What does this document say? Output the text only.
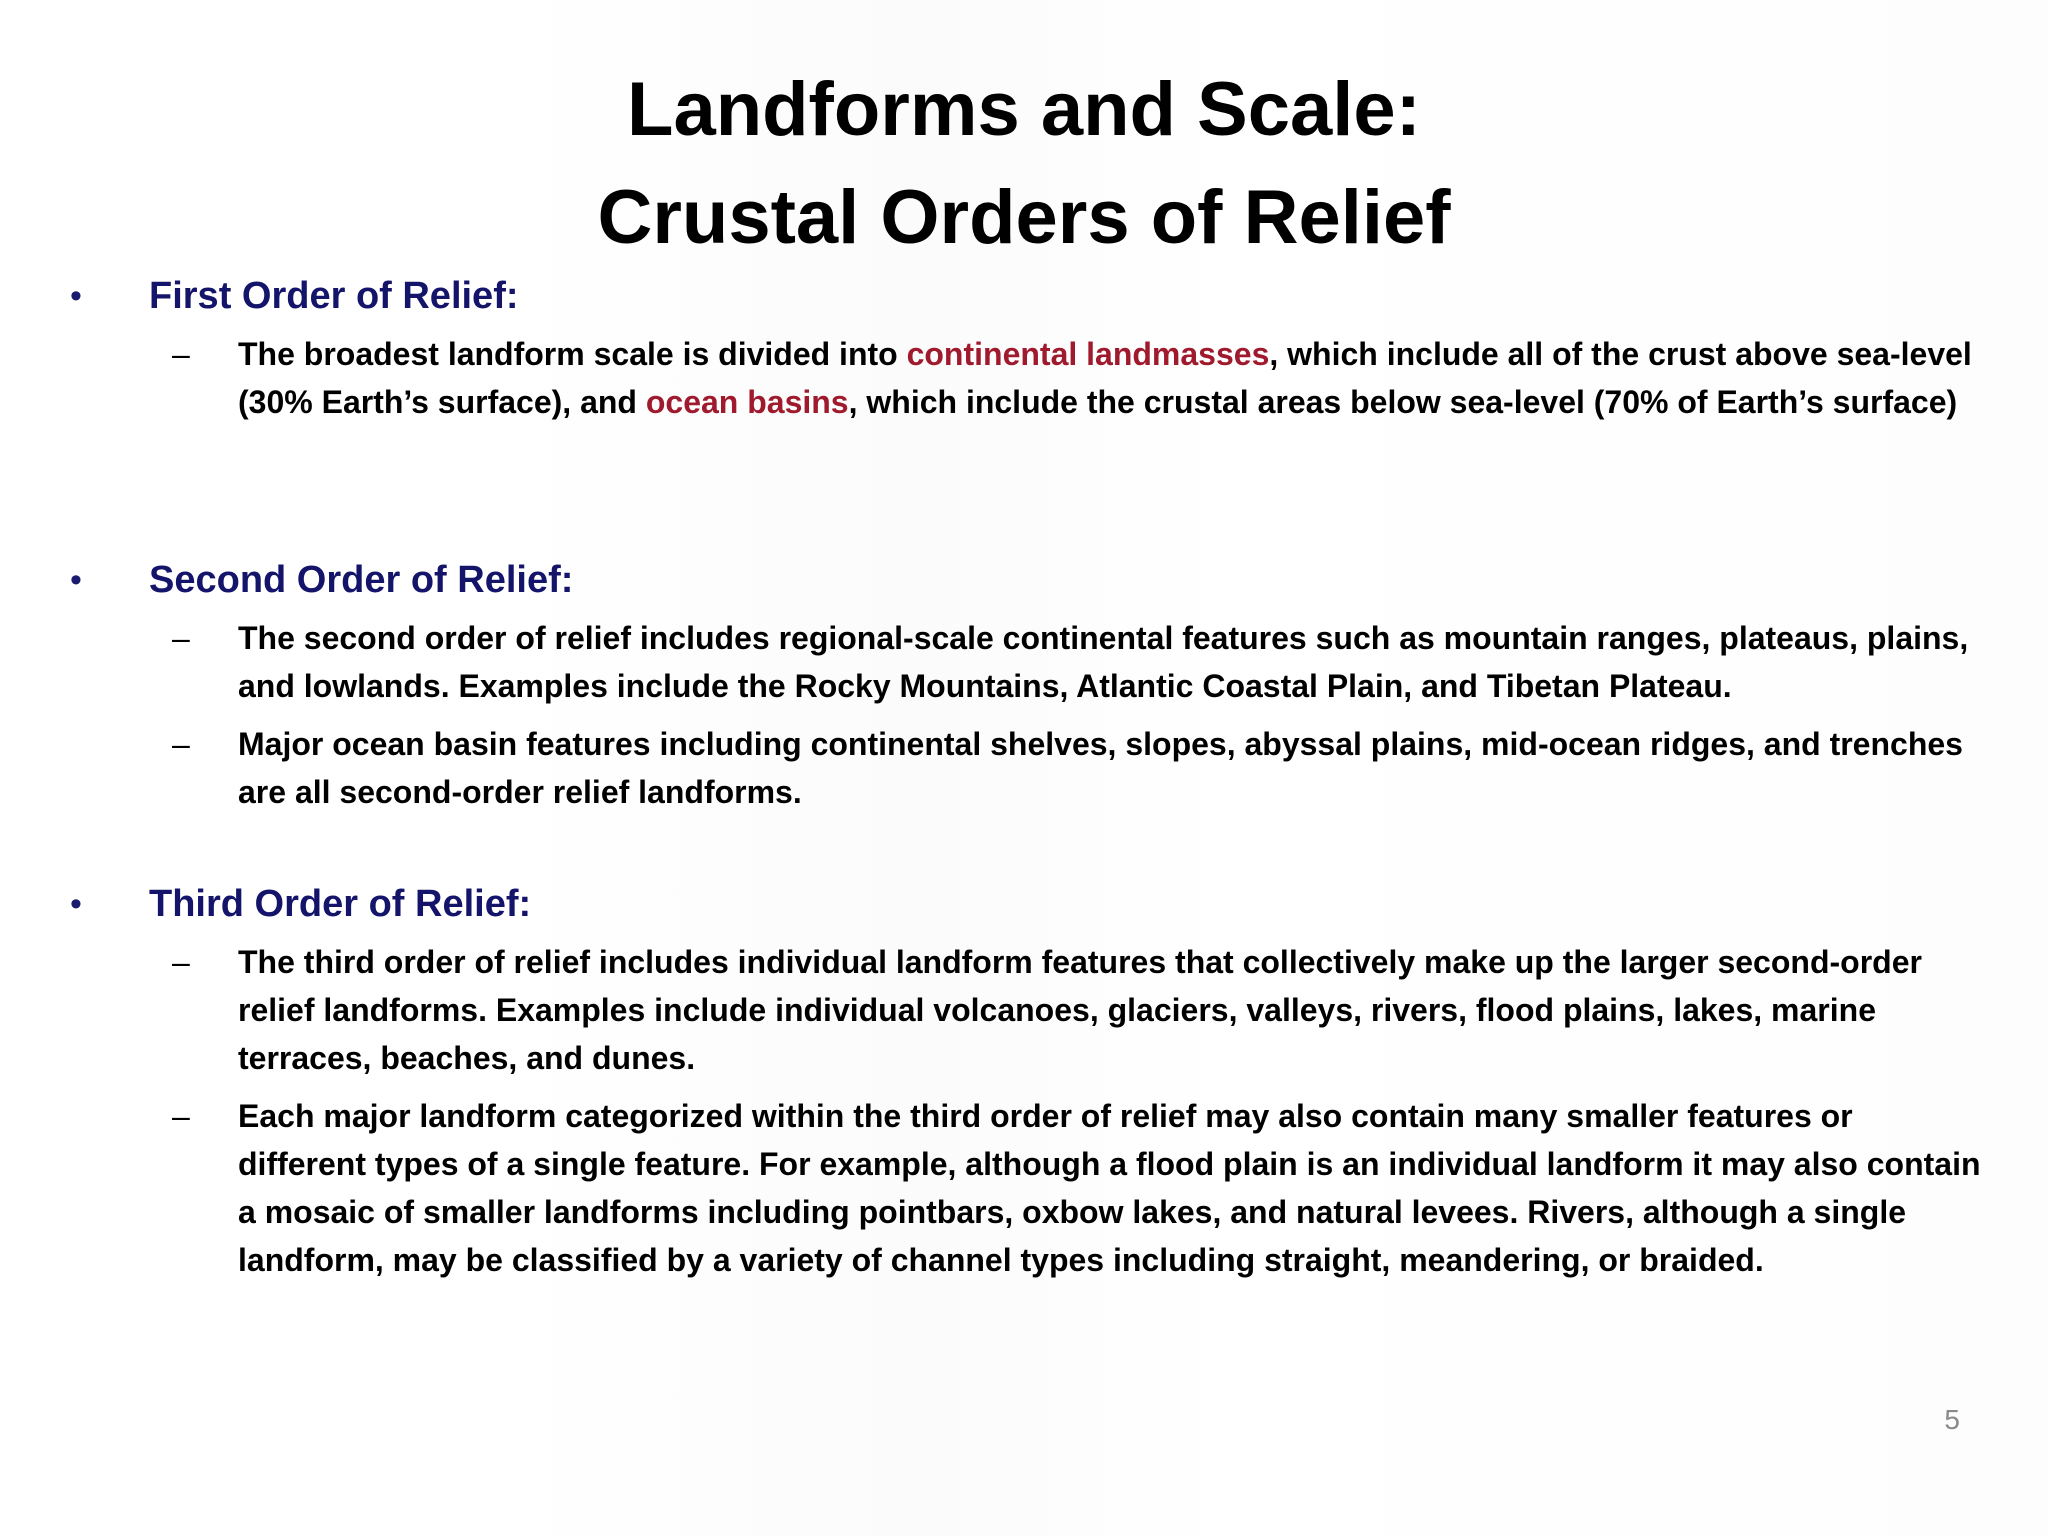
Landforms and Scale:
Crustal Orders of Relief
• First Order of Relief:
– The broadest landform scale is divided into continental landmasses, which include all of the crust above sea-level (30% Earth’s surface), and ocean basins, which include the crustal areas below sea-level (70% of Earth’s surface)
• Second Order of Relief:
– The second order of relief includes regional-scale continental features such as mountain ranges, plateaus, plains, and lowlands. Examples include the Rocky Mountains, Atlantic Coastal Plain, and Tibetan Plateau.
– Major ocean basin features including continental shelves, slopes, abyssal plains, mid-ocean ridges, and trenches are all second-order relief landforms.
• Third Order of Relief:
– The third order of relief includes individual landform features that collectively make up the larger second-order relief landforms. Examples include individual volcanoes, glaciers, valleys, rivers, flood plains, lakes, marine terraces, beaches, and dunes.
– Each major landform categorized within the third order of relief may also contain many smaller features or different types of a single feature. For example, although a flood plain is an individual landform it may also contain a mosaic of smaller landforms including pointbars, oxbow lakes, and natural levees. Rivers, although a single landform, may be classified by a variety of channel types including straight, meandering, or braided.
5
